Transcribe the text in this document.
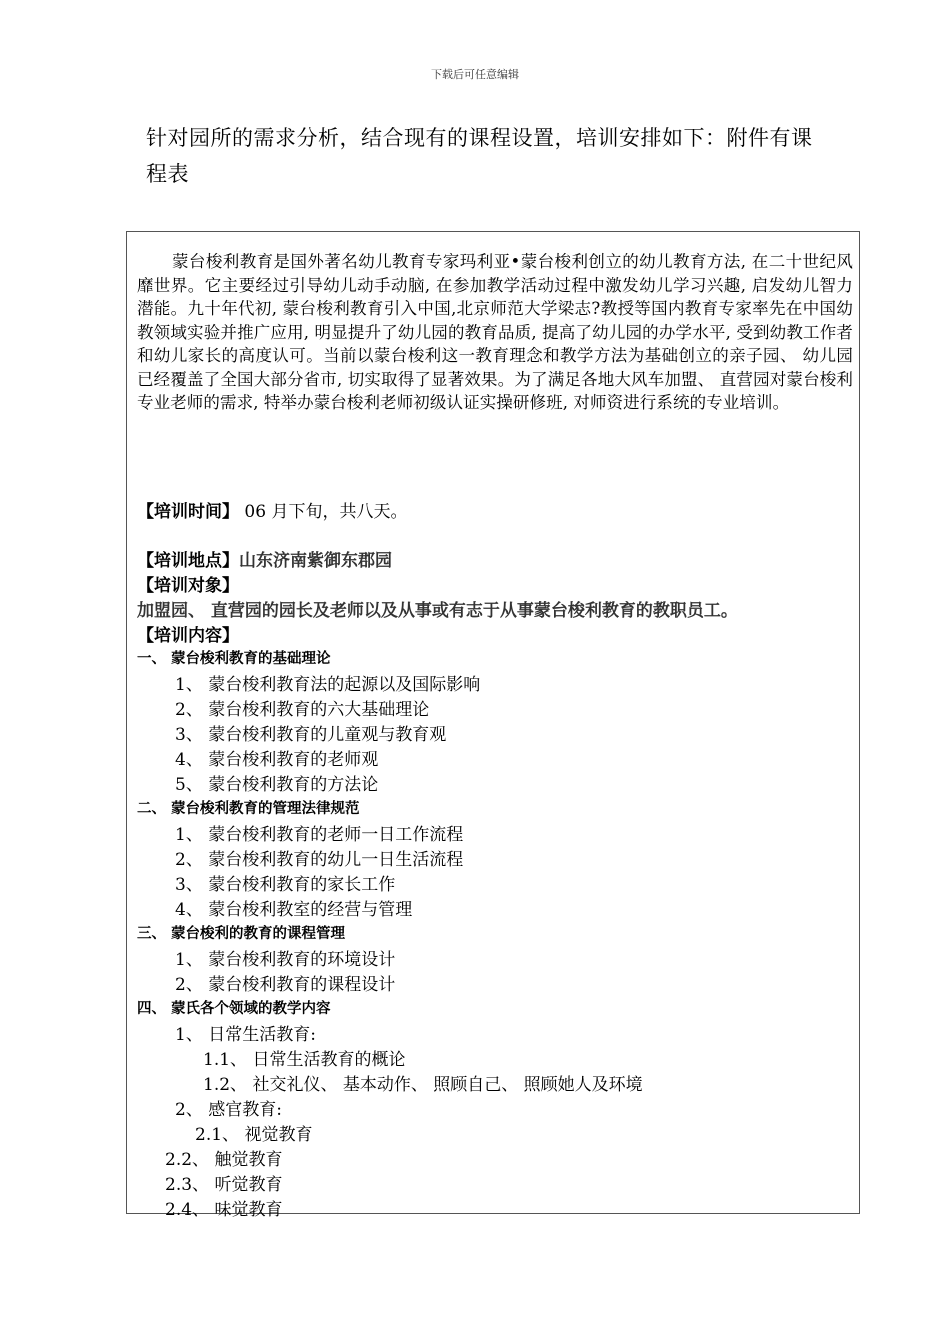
下载后可任意编辑
针对园所的需求分析，结合现有的课程设置，培训安排如下：附件有课程表
蒙台梭利教育是国外著名幼儿教育专家玛利亚•蒙台梭利创立的幼儿教育方法, 在二十世纪风靡世界。它主要经过引导幼儿动手动脑, 在参加教学活动过程中激发幼儿学习兴趣, 启发幼儿智力潜能。九十年代初, 蒙台梭利教育引入中国,北京师范大学梁志?教授等国内教育专家率先在中国幼教领域实验并推广应用, 明显提升了幼儿园的教育品质, 提高了幼儿园的办学水平, 受到幼教工作者和幼儿家长的高度认可。当前以蒙台梭利这一教育理念和教学方法为基础创立的亲子园、 幼儿园已经覆盖了全国大部分省市, 切实取得了显著效果。为了满足各地大风车加盟、 直营园对蒙台梭利专业老师的需求, 特举办蒙台梭利老师初级认证实操研修班, 对师资进行系统的专业培训。
【培训时间】 06 月下旬，共八天。
【培训地点】山东济南紫御东郡园
【培训对象】
加盟园、 直营园的园长及老师以及从事或有志于从事蒙台梭利教育的教职员工。
【培训内容】
一、 蒙台梭利教育的基础理论
1、 蒙台梭利教育法的起源以及国际影响
2、 蒙台梭利教育的六大基础理论
3、 蒙台梭利教育的儿童观与教育观
4、 蒙台梭利教育的老师观
5、 蒙台梭利教育的方法论
二、 蒙台梭利教育的管理法律规范
1、 蒙台梭利教育的老师一日工作流程
2、 蒙台梭利教育的幼儿一日生活流程
3、 蒙台梭利教育的家长工作
4、 蒙台梭利教室的经营与管理
三、 蒙台梭利的教育的课程管理
1、 蒙台梭利教育的环境设计
2、 蒙台梭利教育的课程设计
四、 蒙氏各个领域的教学内容
1、 日常生活教育:
1.1、 日常生活教育的概论
1.2、 社交礼仪、 基本动作、 照顾自己、 照顾她人及环境
2、 感官教育:
2.1、 视觉教育
2.2、 触觉教育
2.3、 听觉教育
2.4、 味觉教育
